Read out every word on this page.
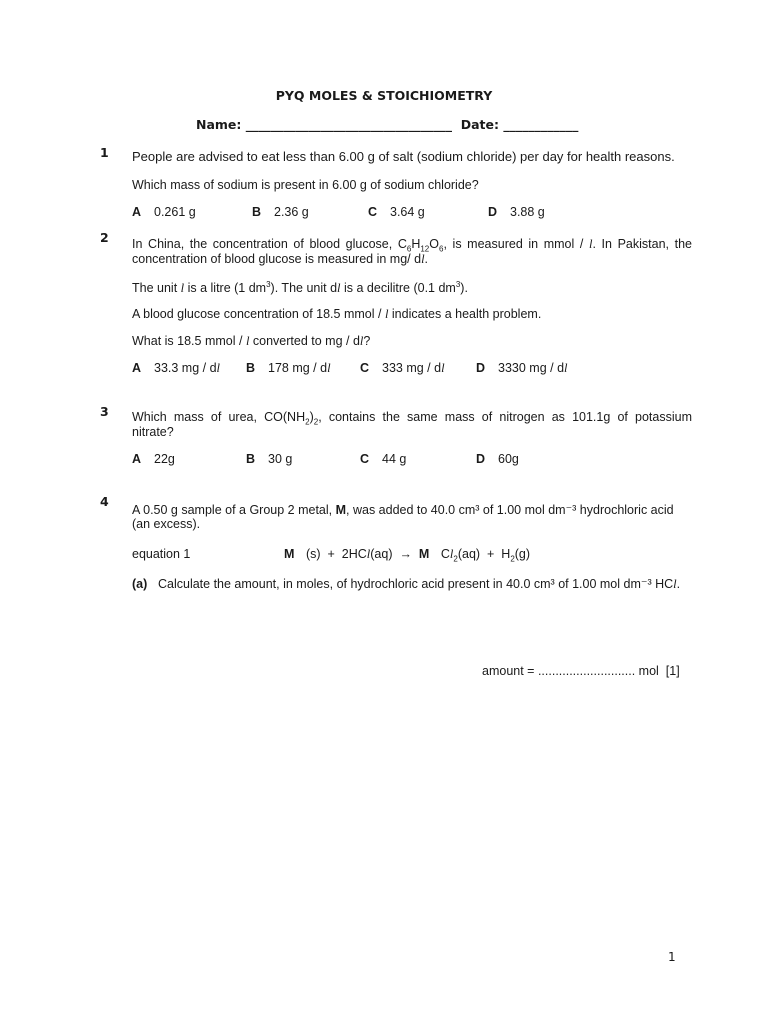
PYQ MOLES & STOICHIOMETRY
Name: _________________________________ Date: ____________
1 People are advised to eat less than 6.00 g of salt (sodium chloride) per day for health reasons.
Which mass of sodium is present in 6.00 g of sodium chloride?
A 0.261 g	B 2.36 g	C 3.64 g	D 3.88 g
2 In China, the concentration of blood glucose, $C_6H_{12}O_6$, is measured in mmol / l. In Pakistan, the
concentration of blood glucose is measured in mg/ dl.
The unit l is a litre (1 $dm^3$). The unit dl is a decilitre (0.1 $dm^3$).
A blood glucose concentration of 18.5 mmol / l indicates a health problem.
What is 18.5 mmol / l converted to mg / dl?
A 33.3 mg / dl B 178 mg / dl C 333 mg / dl	D 3330 mg / dl
3 Which mass of urea, $CO(NH_2)_2$, contains the same mass of nitrogen as 101.1g of potassium
nitrate?
A 22g	B 30 g	C 44 g	D 60g
4
A 0.50 g sample of a Group 2 metal, M, was added to 40.0 cm³ of 1.00 mol dm⁻³ hydrochloric acid
(an excess).
equation 1	M (s)  +  2HCl(aq)  →  M $Cl_2(aq) + H_2(g)$
(a) Calculate the amount, in moles, of hydrochloric acid present in 40.0 cm³ of 1.00 mol dm⁻³ HCl.
amount = ............................ mol  [1]
1
